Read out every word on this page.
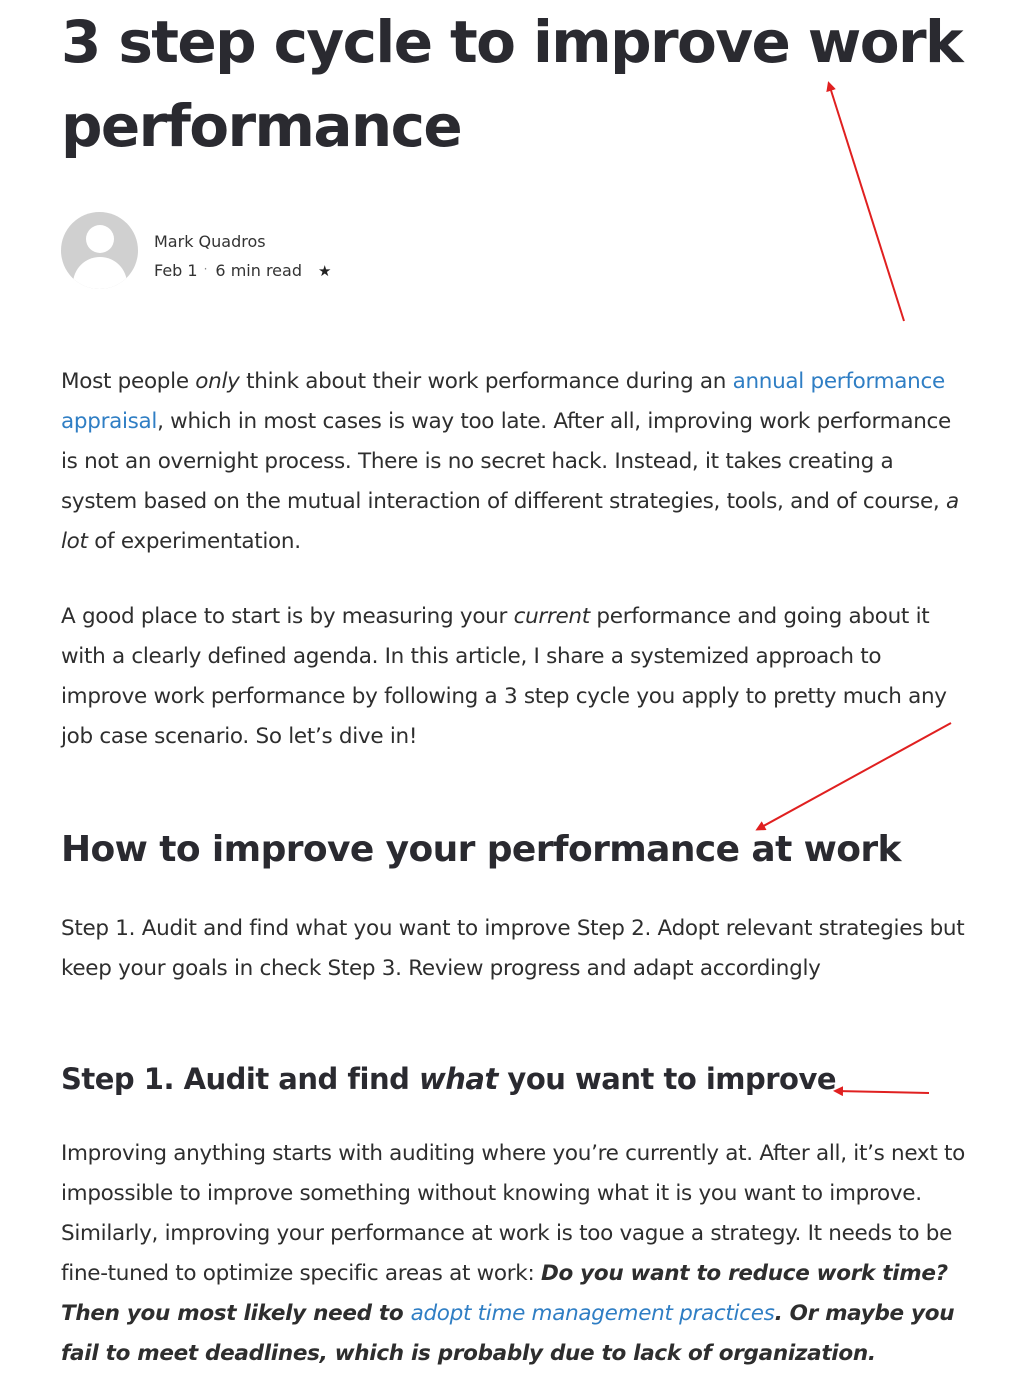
3 step cycle to improve work performance
Mark Quadros
Feb 1 · 6 min read ★

Most people only think about their work performance during an annual performance appraisal, which in most cases is way too late. After all, improving work performance is not an overnight process. There is no secret hack. Instead, it takes creating a system based on the mutual interaction of different strategies, tools, and of course, a lot of experimentation.

A good place to start is by measuring your current performance and going about it with a clearly defined agenda. In this article, I share a systemized approach to improve work performance by following a 3 step cycle you apply to pretty much any job case scenario. So let’s dive in!

How to improve your performance at work

Step 1. Audit and find what you want to improve Step 2. Adopt relevant strategies but keep your goals in check Step 3. Review progress and adapt accordingly

Step 1. Audit and find what you want to improve

Improving anything starts with auditing where you’re currently at. After all, it’s next to impossible to improve something without knowing what it is you want to improve. Similarly, improving your performance at work is too vague a strategy. It needs to be fine-tuned to optimize specific areas at work: Do you want to reduce work time? Then you most likely need to adopt time management practices. Or maybe you fail to meet deadlines, which is probably due to lack of organization.
